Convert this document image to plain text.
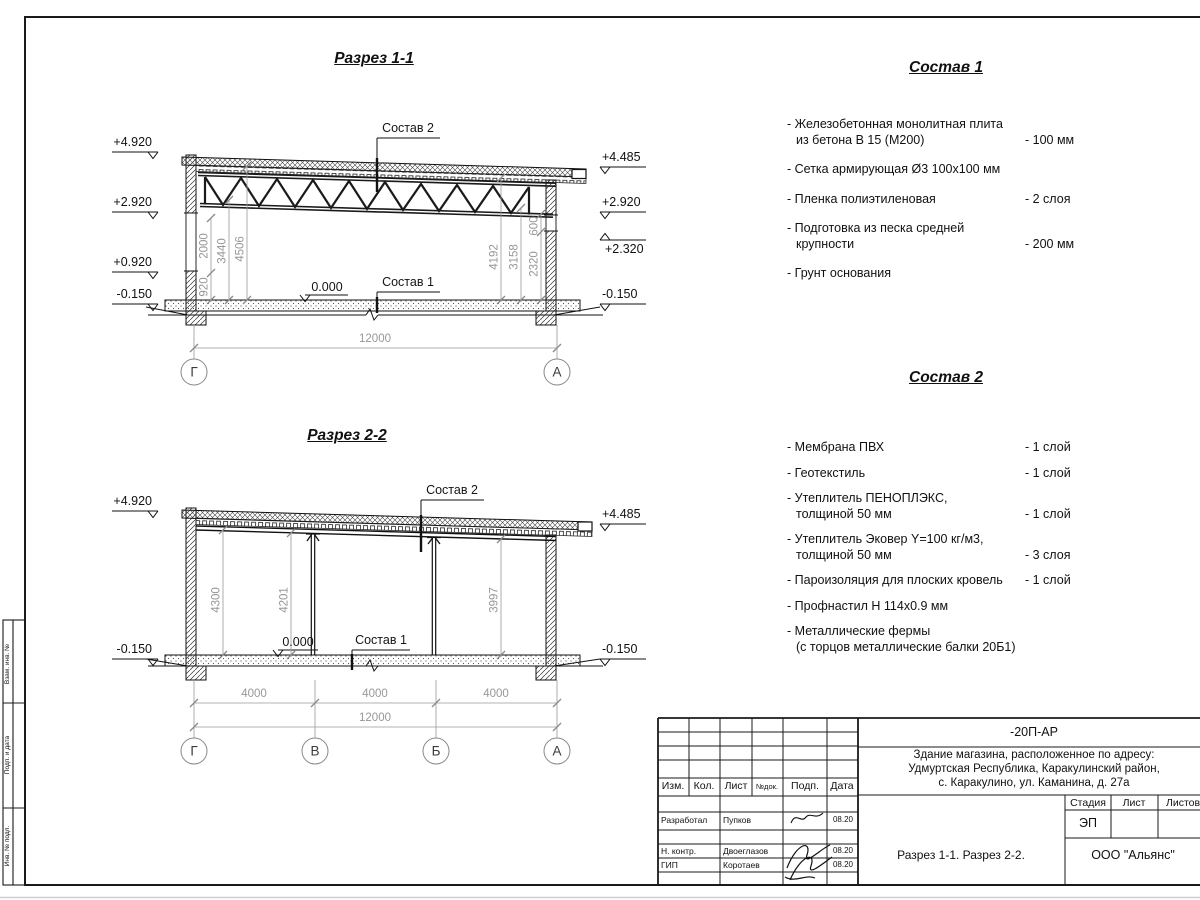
Разрез 1-1
+4.920
+2.920
+0.920
-0.150
+4.485
+2.920
+2.320
-0.150
920
2000 3440 4506	4192 3158 2320
600
Состав 2
Состав 1
0.000
12000
Г	А
Разрез 2-2
+4.920
-0.150
+4.485
-0.150
4300	4201	3997
Состав 2
Состав 1
0.000
4000	4000	4000
12000
Г	В	Б	А
Состав 1
- Железобетонная монолитная плита
из бетона В 15 (М200)	- 100 мм
- Сетка армирующая Ø3 100х100 мм
- Пленка полиэтиленовая	- 2 слоя
- Подготовка из песка средней
крупности	- 200 мм
- Грунт основания
Состав 2
- Мембрана ПВХ	- 1 слой
- Геотекстиль	- 1 слой
- Утеплитель ПЕНОПЛЭКС,
толщиной 50 мм	- 1 слой
- Утеплитель Эковер Y=100 кг/м3,
толщиной 50 мм	- 3 слоя
- Пароизоляция для плоских кровель	- 1 слой
- Профнастил Н 114х0.9 мм
- Металлические фермы
(с торцов металлические балки 20Б1)
-20П-АР
Здание магазина, расположенное по адресу:
Удмуртская Республика, Каракулинский район,
с. Каракулино, ул. Каманина, д. 27а
Изм. Кол. Лист №док. Подп. Дата
Разработал Пупков	08.20
Н. контр.	Двоеглазов	08.20
ГИП	Коротаев	08.20
Стадия Лист Листов
ЭП
Разрез 1-1. Разрез 2-2.	ООО "Альянс"
Взам. инв. №
Подп. и дата
Инв. № подл.
